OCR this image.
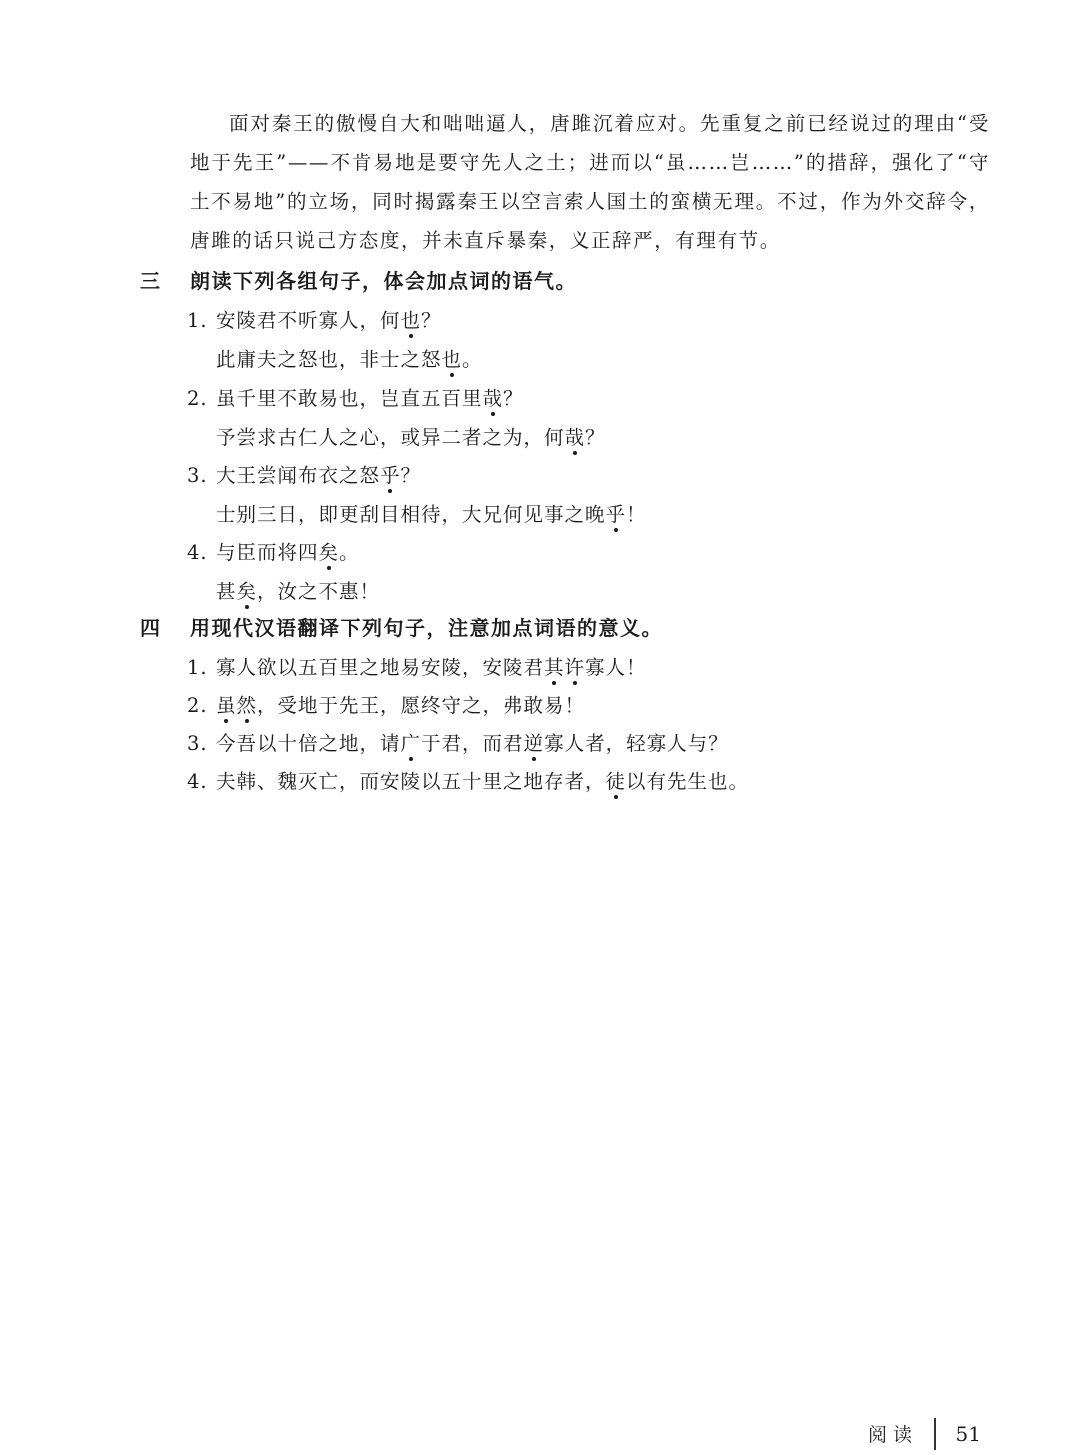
面对秦王的傲慢自大和咄咄逼人，唐雎沉着应对。先重复之前已经说过的理由“受地于先王”——不肯易地是要守先人之土；进而以“虽……岂……”的措辞，强化了“守土不易地”的立场，同时揭露秦王以空言索人国土的蛮横无理。不过，作为外交辞令，唐雎的话只说己方态度，并未直斥暴秦，义正辞严，有理有节。

三 朗读下列各组句子，体会加点词的语气。
1. 安陵君不听寡人，何也？
此庸夫之怒也，非士之怒也。
2. 虽千里不敢易也，岂直五百里哉？
予尝求古仁人之心，或异二者之为，何哉？
3. 大王尝闻布衣之怒乎？
士别三日，即更刮目相待，大兄何见事之晚乎！
4. 与臣而将四矣。
甚矣，汝之不惠！
四 用现代汉语翻译下列句子，注意加点词语的意义。
1. 寡人欲以五百里之地易安陵，安陵君其许寡人！
2. 虽然，受地于先王，愿终守之，弗敢易！
3. 今吾以十倍之地，请广于君，而君逆寡人者，轻寡人与？
4. 夫韩、魏灭亡，而安陵以五十里之地存者，徒以有先生也。
阅读 51
